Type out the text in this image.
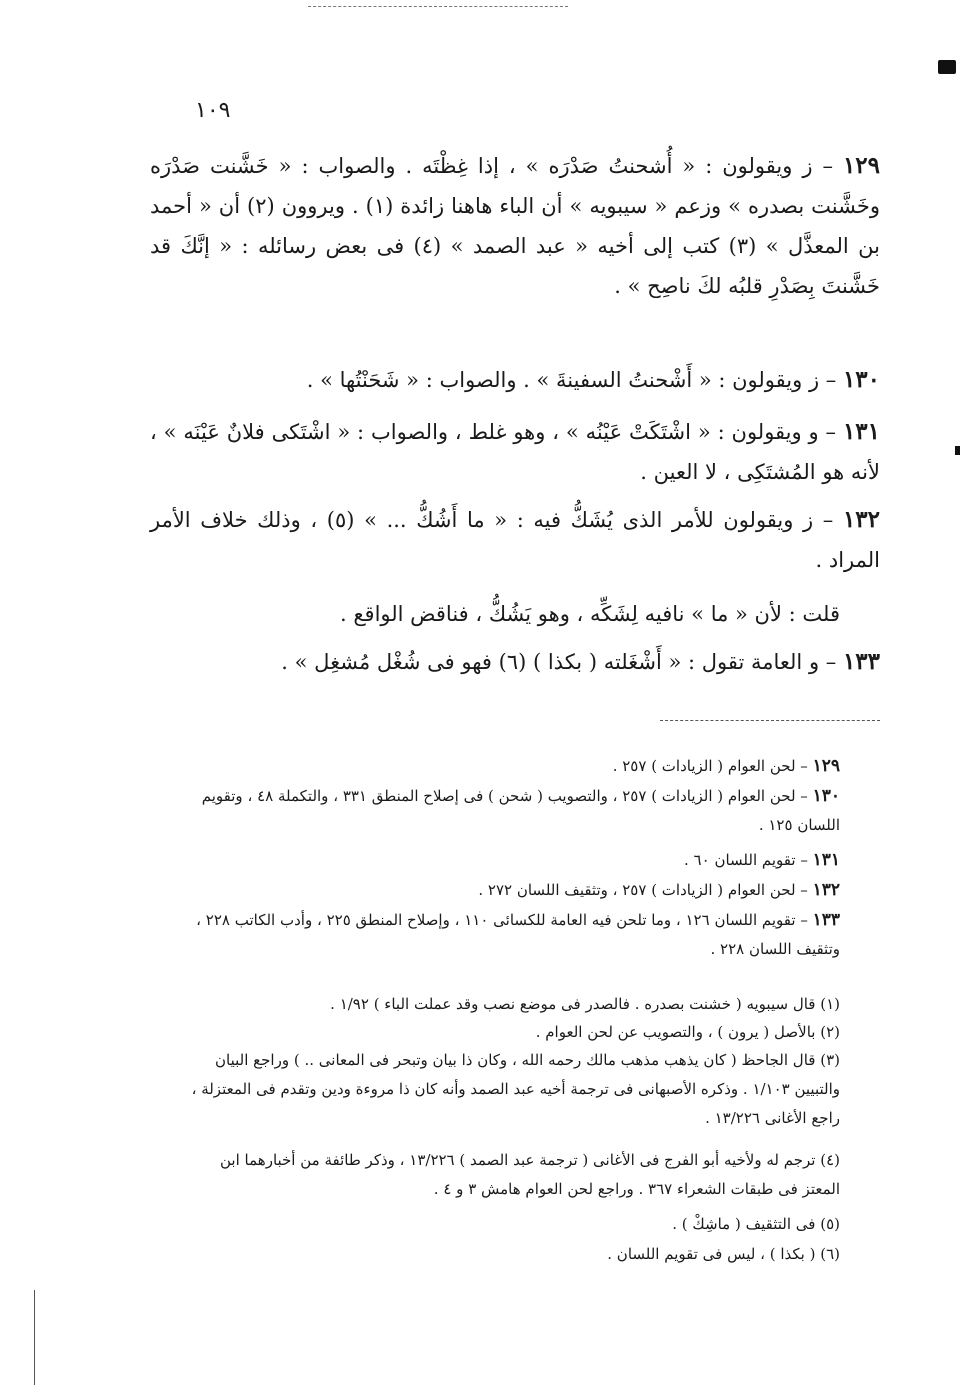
١٠٩
١٢٩ – ز ويقولون : « أُشحنتُ صَدْرَه » ، إذا غِظْتَه . والصواب : « خَشَّنت صَدْرَه وخَشَّنت بصدره » وزعم « سيبويه » أن الباء هاهنا زائدة (١) . ويروون (٢) أن « أحمد بن المعذَّل » (٣) كتب إلى أخيه « عبد الصمد » (٤) فى بعض رسائله : « إنَّكَ قد خَشَّنتَ بِصَدْرِ قلبُه لكَ ناصِح » .
١٣٠ – ز ويقولون : « أَشْحنتُ السفينةَ » . والصواب : « شَحَنْتُها » .
١٣١ – و ويقولون : « اشْتَكَتْ عَيْنُه » ، وهو غلط ، والصواب : « اشْتَكى فلانٌ عَيْنَه » ، لأنه هو المُشتَكِى ، لا العين .
١٣٢ – ز ويقولون للأمر الذى يُشَكُّ فيه : « ما أَشُكُّ ... » (٥) ، وذلك خلاف الأمر المراد .
قلت : لأن « ما » نافيه لِشَكِّه ، وهو يَشُكُّ ، فناقض الواقع .
١٣٣ – و العامة تقول : « أَشْغَلته ( بكذا ) (٦) فهو فى شُغْل مُشغِل » .
١٢٩ – لحن العوام ( الزيادات ) ٢٥٧ .
١٣٠ – لحن العوام ( الزيادات ) ٢٥٧ ، والتصويب ( شحن ) فى إصلاح المنطق ٣٣١ ، والتكملة ٤٨ ، وتقويم اللسان ١٢٥ .
١٣١ – تقويم اللسان ٦٠ .
١٣٢ – لحن العوام ( الزيادات ) ٢٥٧ ، وتثقيف اللسان ٢٧٢ .
١٣٣ – تقويم اللسان ١٢٦ ، وما تلحن فيه العامة للكسائى ١١٠ ، وإصلاح المنطق ٢٢٥ ، وأدب الكاتب ٢٢٨ ، وتثقيف اللسان ٢٢٨ .
(١) قال سيبويه ( خشنت بصدره . فالصدر فى موضع نصب وقد عملت الباء ) ١/٩٢ .
(٢) بالأصل ( يرون ) ، والتصويب عن لحن العوام .
(٣) قال الجاحظ ( كان يذهب مذهب مالك رحمه الله ، وكان ذا بيان وتبحر فى المعانى .. ) وراجع البيان والتبيين ١/١٠٣ . وذكره الأصبهانى فى ترجمة أخيه عبد الصمد وأنه كان ذا مروءة ودين وتقدم فى المعتزلة ، راجع الأغانى ١٣/٢٢٦ .
(٤) ترجم له ولأخيه أبو الفرج فى الأغانى ( ترجمة عبد الصمد ) ١٣/٢٢٦ ، وذكر طائفة من أخبارهما ابن المعتز فى طبقات الشعراء ٣٦٧ . وراجع لحن العوام هامش ٣ و ٤ .
(٥) فى التثقيف ( ماشِكْ ) .
(٦) ( بكذا ) ، ليس فى تقويم اللسان .
